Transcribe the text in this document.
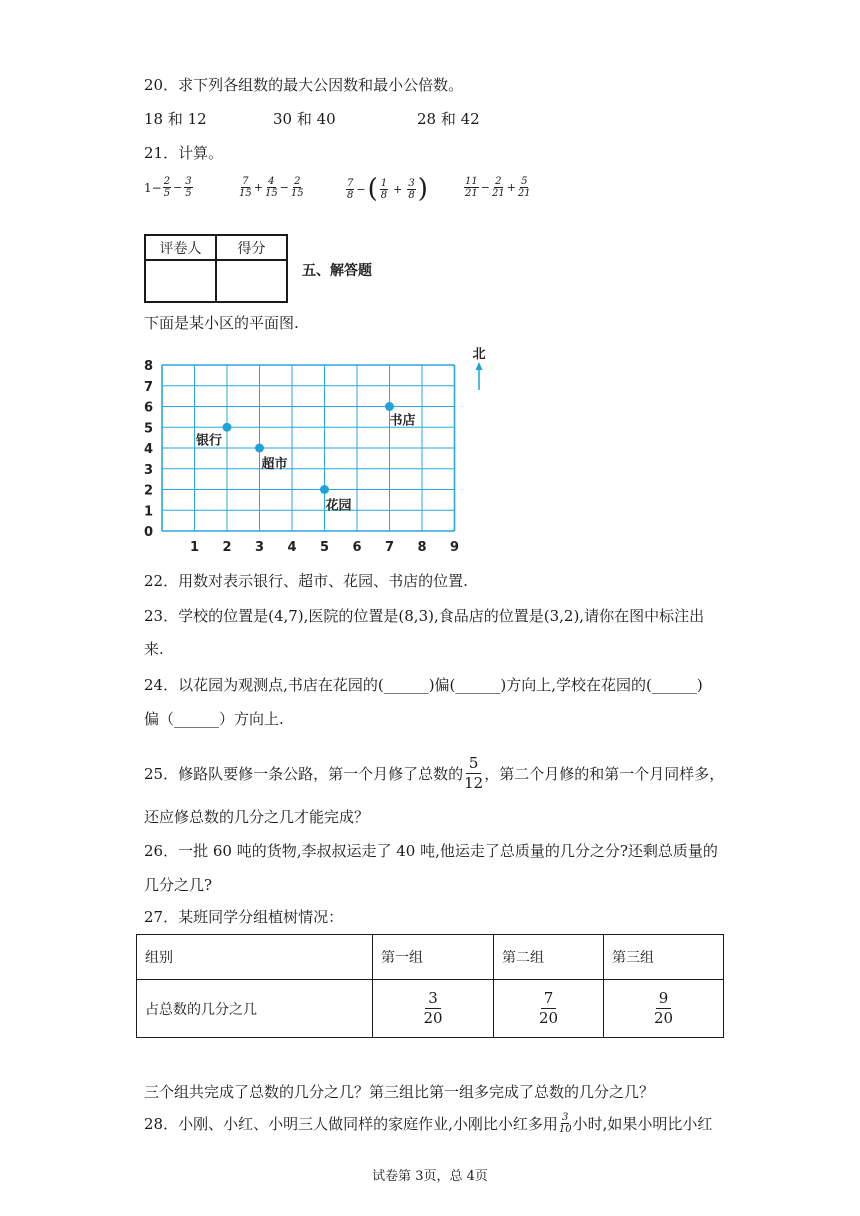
20．求下列各组数的最大公因数和最小公倍数。
18 和 12	30 和 40	28 和 42
21．计算。
$1- \frac{2}{5} - \frac{3}{5}$	$\frac{7}{15} + \frac{4}{15} - \frac{2}{15}$	$\frac{7}{8}$ − ( $\frac{1}{8} + \frac{3}{8}$ )	$\frac{11}{21} - \frac{2}{21} + \frac{5}{21}$
评卷人	得分

五、解答题
下面是某小区的平面图.
1 2 3 4 5 6 7 8 9
0
1
2
3
4
5
6
7
8
银行
超市
花园
书店
北
22．用数对表示银行、超市、花园、书店的位置.
23．学校的位置是(4,7),医院的位置是(8,3),食品店的位置是(3,2),请你在图中标注出
来.
24．以花园为观测点,书店在花园的(______)偏(______)方向上,学校在花园的(______)
偏（______）方向上.
25．修路队要修一条公路，第一个月修了总数的 $\frac{5}{12}$ ，第二个月修的和第一个月同样多，
还应修总数的几分之几才能完成？
26．一批 60 吨的货物,李叔叔运走了 40 吨,他运走了总质量的几分之分?还剩总质量的
几分之几?
27．某班同学分组植树情况：
组别	第一组	第二组	第三组
占总数的几分之几	$\frac{3}{20}$	$\frac{7}{20}$	$\frac{9}{20}$
三个组共完成了总数的几分之几？第三组比第一组多完成了总数的几分之几？
28．小刚、小红、小明三人做同样的家庭作业,小刚比小红多用 $\frac{3}{10}$ 小时,如果小明比小红
试卷第 3页，总 4页
